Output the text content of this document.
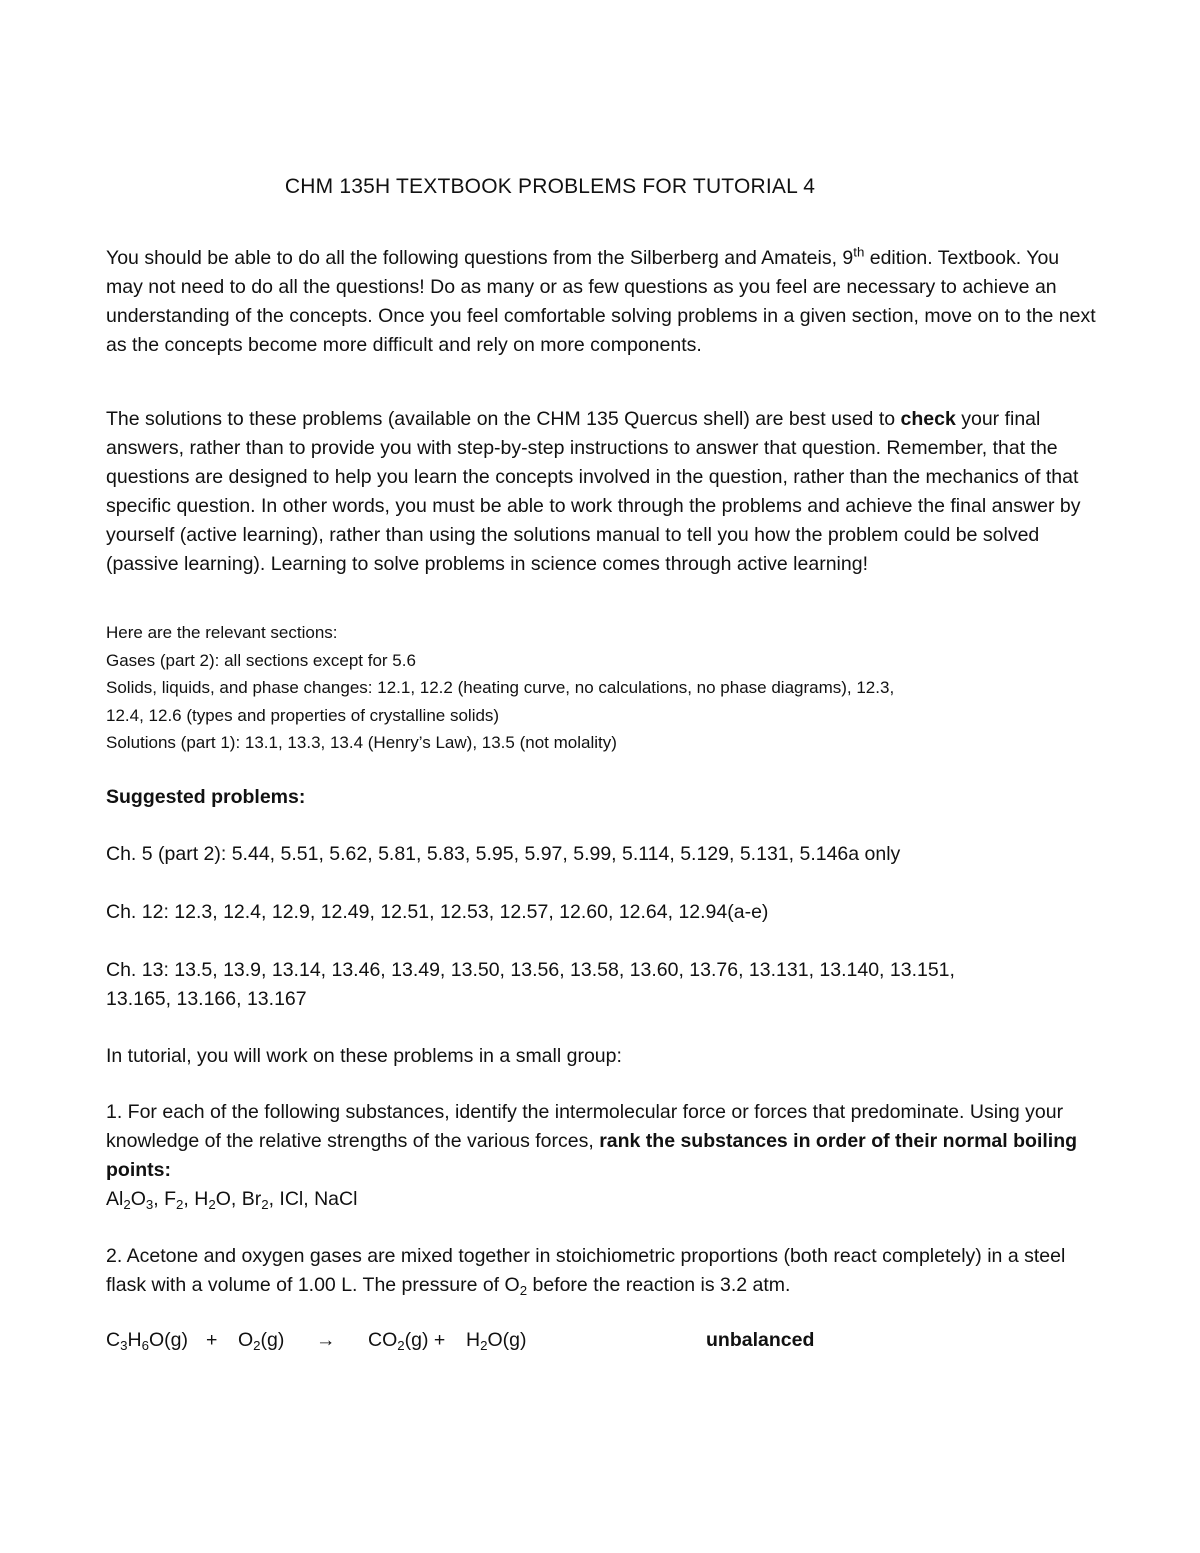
CHM 135H TEXTBOOK PROBLEMS FOR TUTORIAL 4

You should be able to do all the following questions from the Silberberg and Amateis, 9th edition. Textbook. You may not need to do all the questions! Do as many or as few questions as you feel are necessary to achieve an understanding of the concepts. Once you feel comfortable solving problems in a given section, move on to the next as the concepts become more difficult and rely on more components.

The solutions to these problems (available on the CHM 135 Quercus shell) are best used to check your final answers, rather than to provide you with step-by-step instructions to answer that question. Remember, that the questions are designed to help you learn the concepts involved in the question, rather than the mechanics of that specific question. In other words, you must be able to work through the problems and achieve the final answer by yourself (active learning), rather than using the solutions manual to tell you how the problem could be solved (passive learning). Learning to solve problems in science comes through active learning!

Here are the relevant sections:
Gases (part 2): all sections except for 5.6
Solids, liquids, and phase changes: 12.1, 12.2 (heating curve, no calculations, no phase diagrams), 12.3,
12.4, 12.6 (types and properties of crystalline solids)
Solutions (part 1): 13.1, 13.3, 13.4 (Henry’s Law), 13.5 (not molality)
Suggested problems:
Ch. 5 (part 2): 5.44, 5.51, 5.62, 5.81, 5.83, 5.95, 5.97, 5.99, 5.114, 5.129, 5.131, 5.146a only
Ch. 12: 12.3, 12.4, 12.9, 12.49, 12.51, 12.53, 12.57, 12.60, 12.64, 12.94(a-e)
Ch. 13: 13.5, 13.9, 13.14, 13.46, 13.49, 13.50, 13.56, 13.58, 13.60, 13.76, 13.131, 13.140, 13.151,
13.165, 13.166, 13.167
In tutorial, you will work on these problems in a small group:
1. For each of the following substances, identify the intermolecular force or forces that predominate. Using your knowledge of the relative strengths of the various forces, rank the substances in order of their normal boiling points:
$Al_2O_3$, $F_2$, $H_2O$, $Br_2$, ICl, NaCl
2. Acetone and oxygen gases are mixed together in stoichiometric proportions (both react completely) in a steel flask with a volume of 1.00 L. The pressure of $O_2$ before the reaction is 3.2 atm.
$C_3H_6O(g) + O_2(g) \to CO_2(g) + H_2O(g)$	unbalanced
